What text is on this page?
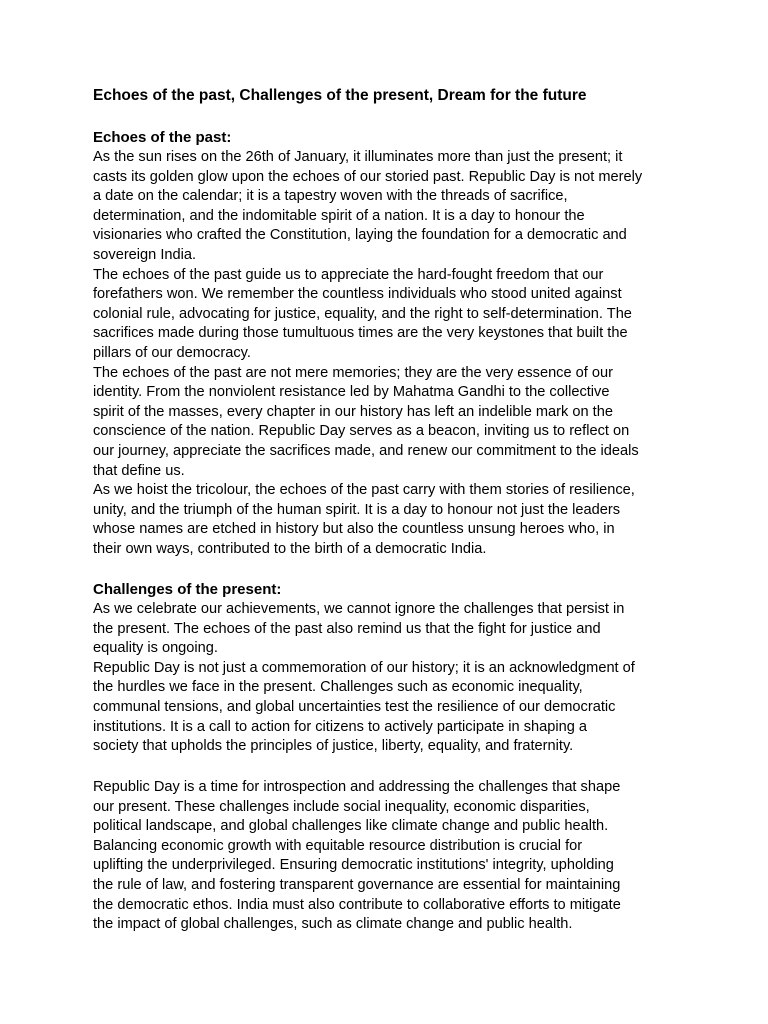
Echoes of the past, Challenges of the present, Dream for the future
Echoes of the past:
As the sun rises on the 26th of January, it illuminates more than just the present; it
casts its golden glow upon the echoes of our storied past. Republic Day is not merely
a date on the calendar; it is a tapestry woven with the threads of sacrifice,
determination, and the indomitable spirit of a nation. It is a day to honour the
visionaries who crafted the Constitution, laying the foundation for a democratic and
sovereign India.
The echoes of the past guide us to appreciate the hard-fought freedom that our
forefathers won. We remember the countless individuals who stood united against
colonial rule, advocating for justice, equality, and the right to self-determination. The
sacrifices made during those tumultuous times are the very keystones that built the
pillars of our democracy.
The echoes of the past are not mere memories; they are the very essence of our
identity. From the nonviolent resistance led by Mahatma Gandhi to the collective
spirit of the masses, every chapter in our history has left an indelible mark on the
conscience of the nation. Republic Day serves as a beacon, inviting us to reflect on
our journey, appreciate the sacrifices made, and renew our commitment to the ideals
that define us.
As we hoist the tricolour, the echoes of the past carry with them stories of resilience,
unity, and the triumph of the human spirit. It is a day to honour not just the leaders
whose names are etched in history but also the countless unsung heroes who, in
their own ways, contributed to the birth of a democratic India.
Challenges of the present:
As we celebrate our achievements, we cannot ignore the challenges that persist in
the present. The echoes of the past also remind us that the fight for justice and
equality is ongoing.
Republic Day is not just a commemoration of our history; it is an acknowledgment of
the hurdles we face in the present. Challenges such as economic inequality,
communal tensions, and global uncertainties test the resilience of our democratic
institutions. It is a call to action for citizens to actively participate in shaping a
society that upholds the principles of justice, liberty, equality, and fraternity.
Republic Day is a time for introspection and addressing the challenges that shape
our present. These challenges include social inequality, economic disparities,
political landscape, and global challenges like climate change and public health.
Balancing economic growth with equitable resource distribution is crucial for
uplifting the underprivileged. Ensuring democratic institutions' integrity, upholding
the rule of law, and fostering transparent governance are essential for maintaining
the democratic ethos. India must also contribute to collaborative efforts to mitigate
the impact of global challenges, such as climate change and public health.
